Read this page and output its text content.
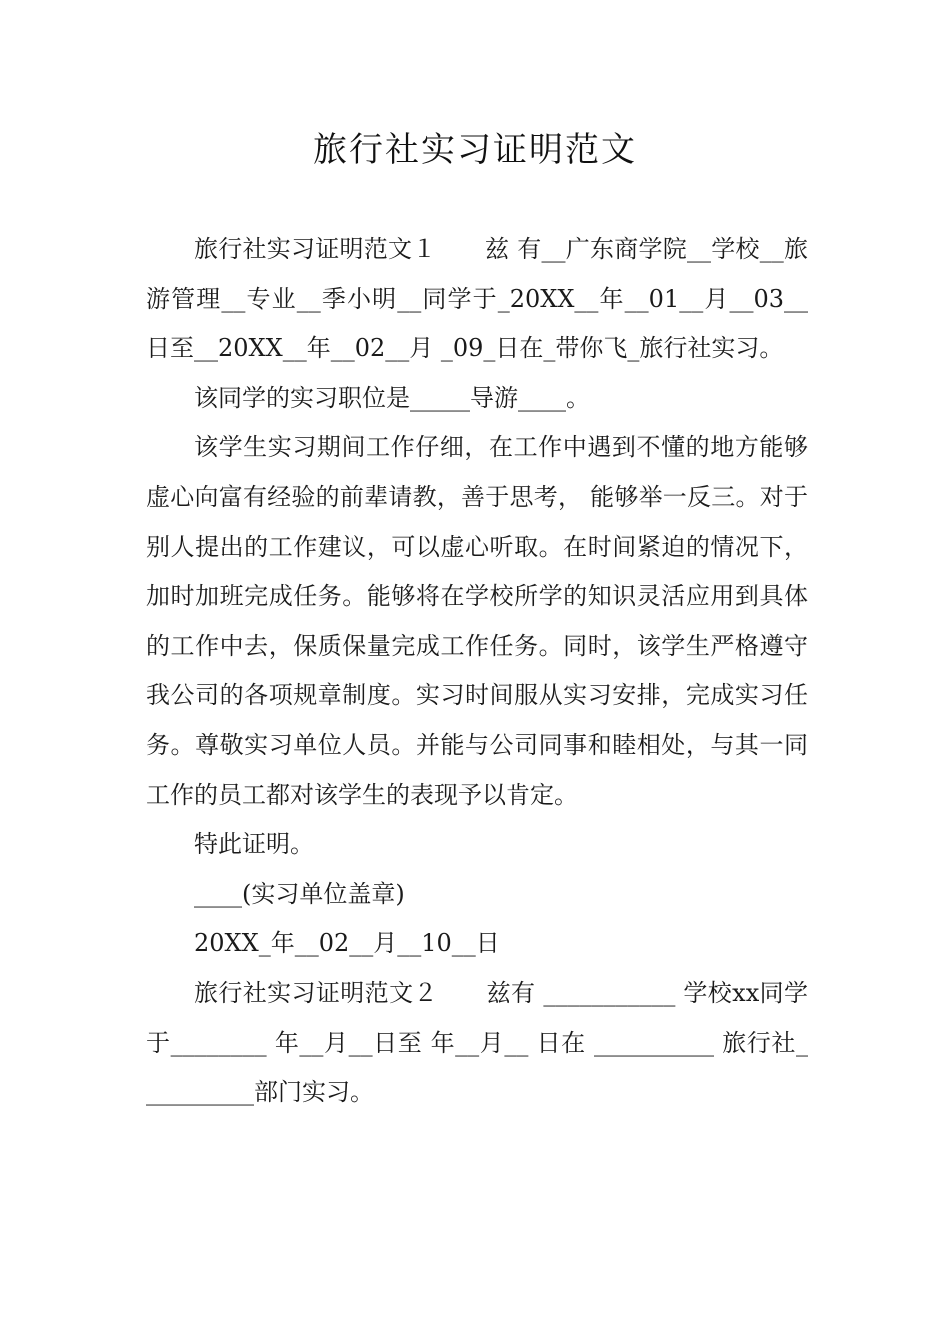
旅行社实习证明范文

旅行社实习证明范文１　　兹 有__广东商学院__学校__旅游管理__专业__季小明__同学于_20XX__年__01__月__03__日至__20XX__年__02__月 _09_日在_带你飞_旅行社实习。

该同学的实习职位是_____导游____。

该学生实习期间工作仔细，在工作中遇到不懂的地方能够虚心向富有经验的前辈请教，善于思考， 能够举一反三。对于别人提出的工作建议，可以虚心听取。在时间紧迫的情况下，加时加班完成任务。能够将在学校所学的知识灵活应用到具体的工作中去，保质保量完成工作任务。同时，该学生严格遵守我公司的各项规章制度。实习时间服从实习安排，完成实习任务。尊敬实习单位人员。并能与公司同事和睦相处，与其一同工作的员工都对该学生的表现予以肯定。

特此证明。

____(实习单位盖章)

20XX_年__02__月__10__日

旅行社实习证明范文２　　兹有 ___________ 学校xx同学于________ 年__月__日至 年__月__ 日在 __________ 旅行社__________部门实习。
